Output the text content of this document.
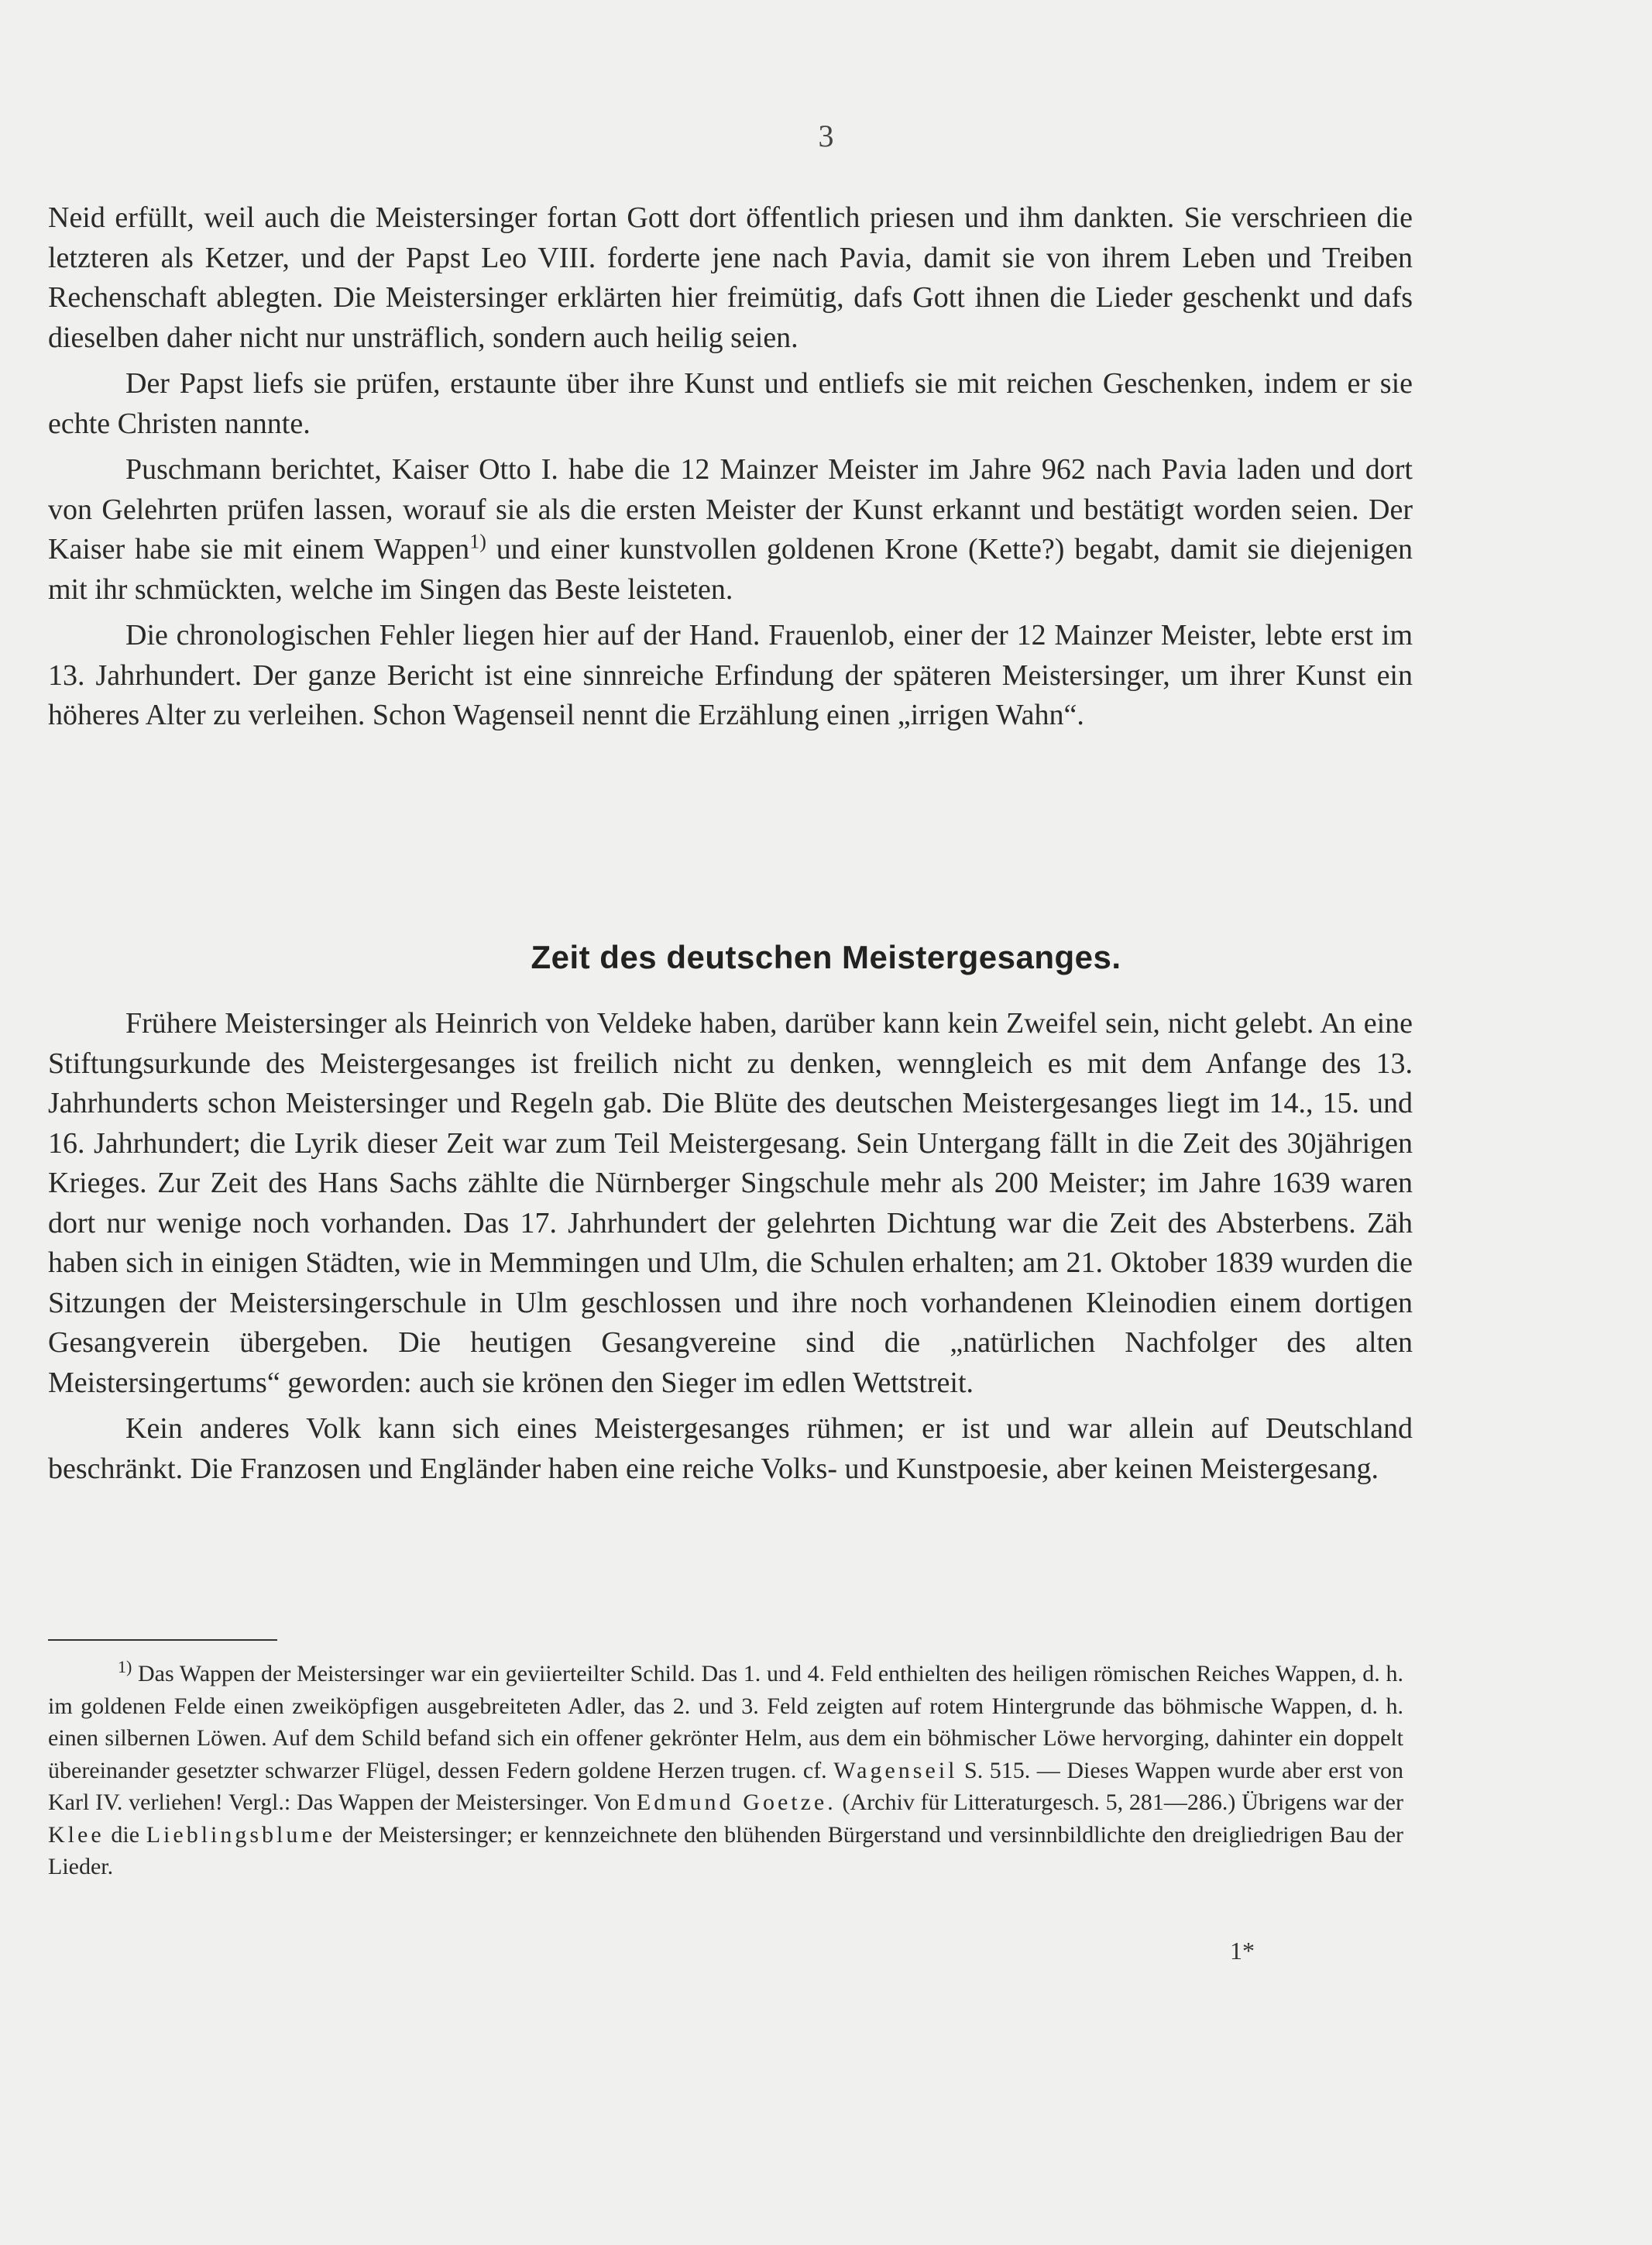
3

Neid erfüllt, weil auch die Meistersinger fortan Gott dort öffentlich priesen und ihm dankten. Sie verschrieen die letzteren als Ketzer, und der Papst Leo VIII. forderte jene nach Pavia, damit sie von ihrem Leben und Treiben Rechenschaft ablegten. Die Meistersinger erklärten hier freimütig, dafs Gott ihnen die Lieder geschenkt und dafs dieselben daher nicht nur unsträflich, sondern auch heilig seien.

Der Papst liefs sie prüfen, erstaunte über ihre Kunst und entliefs sie mit reichen Geschenken, indem er sie echte Christen nannte.

Puschmann berichtet, Kaiser Otto I. habe die 12 Mainzer Meister im Jahre 962 nach Pavia laden und dort von Gelehrten prüfen lassen, worauf sie als die ersten Meister der Kunst erkannt und bestätigt worden seien. Der Kaiser habe sie mit einem Wappen$^{1)}$ und einer kunstvollen goldenen Krone (Kette?) begabt, damit sie diejenigen mit ihr schmückten, welche im Singen das Beste leisteten.

Die chronologischen Fehler liegen hier auf der Hand. Frauenlob, einer der 12 Mainzer Meister, lebte erst im 13. Jahrhundert. Der ganze Bericht ist eine sinnreiche Erfindung der späteren Meistersinger, um ihrer Kunst ein höheres Alter zu verleihen. Schon Wagenseil nennt die Erzählung einen „irrigen Wahn“.

Zeit des deutschen Meistergesanges.

Frühere Meistersinger als Heinrich von Veldeke haben, darüber kann kein Zweifel sein, nicht gelebt. An eine Stiftungsurkunde des Meistergesanges ist freilich nicht zu denken, wenngleich es mit dem Anfange des 13. Jahrhunderts schon Meistersinger und Regeln gab. Die Blüte des deutschen Meistergesanges liegt im 14., 15. und 16. Jahrhundert; die Lyrik dieser Zeit war zum Teil Meistergesang. Sein Untergang fällt in die Zeit des 30jährigen Krieges. Zur Zeit des Hans Sachs zählte die Nürnberger Singschule mehr als 200 Meister; im Jahre 1639 waren dort nur wenige noch vorhanden. Das 17. Jahrhundert der gelehrten Dichtung war die Zeit des Absterbens. Zäh haben sich in einigen Städten, wie in Memmingen und Ulm, die Schulen erhalten; am 21. Oktober 1839 wurden die Sitzungen der Meistersingerschule in Ulm geschlossen und ihre noch vorhandenen Kleinodien einem dortigen Gesangverein übergeben. Die heutigen Gesangvereine sind die „natürlichen Nachfolger des alten Meistersingertums“ geworden: auch sie krönen den Sieger im edlen Wettstreit.

Kein anderes Volk kann sich eines Meistergesanges rühmen; er ist und war allein auf Deutschland beschränkt. Die Franzosen und Engländer haben eine reiche Volks- und Kunstpoesie, aber keinen Meistergesang.

$^{1)}$ Das Wappen der Meistersinger war ein geviierteilter Schild. Das 1. und 4. Feld enthielten des heiligen römischen Reiches Wappen, d. h. im goldenen Felde einen zweiköpfigen ausgebreiteten Adler, das 2. und 3. Feld zeigten auf rotem Hintergrunde das böhmische Wappen, d. h. einen silbernen Löwen. Auf dem Schild befand sich ein offener gekrönter Helm, aus dem ein böhmischer Löwe hervorging, dahinter ein doppelt übereinander gesetzter schwarzer Flügel, dessen Federn goldene Herzen trugen. cf. Wagenseil S. 515. — Dieses Wappen wurde aber erst von Karl IV. verliehen! Vergl.: Das Wappen der Meistersinger. Von Edmund Goetze. (Archiv für Litteraturgesch. 5, 281—286.) Übrigens war der Klee die Lieblingsblume der Meistersinger; er kennzeichnete den blühenden Bürgerstand und versinnbildlichte den dreigliedrigen Bau der Lieder.

1*
